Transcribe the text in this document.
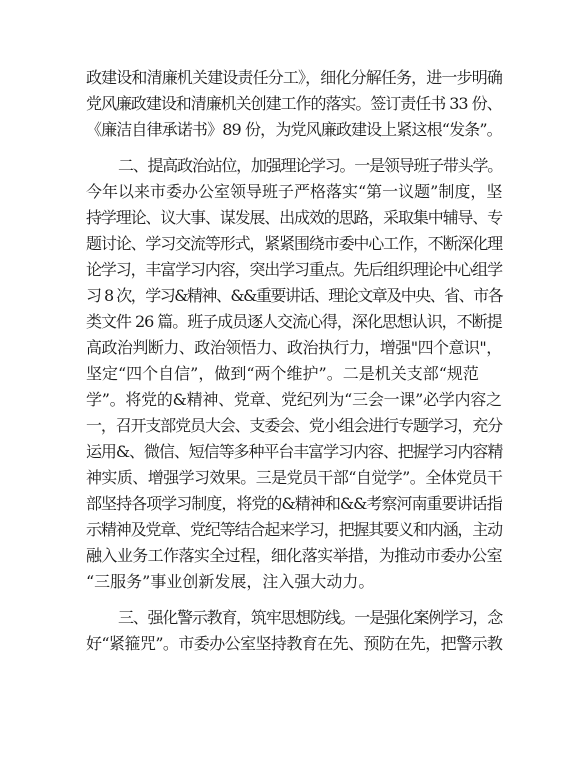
政建设和清廉机关建设责任分工》，细化分解任务，进一步明确
党风廉政建设和清廉机关创建工作的落实。签订责任书 33 份、
《廉洁自律承诺书》89 份，为党风廉政建设上紧这根“发条”。
二、提高政治站位，加强理论学习。一是领导班子带头学。
今年以来市委办公室领导班子严格落实“第一议题”制度，坚
持学理论、议大事、谋发展、出成效的思路，采取集中辅导、专
题讨论、学习交流等形式，紧紧围绕市委中心工作，不断深化理
论学习，丰富学习内容，突出学习重点。先后组织理论中心组学
习 8 次，学习&精神、&&重要讲话、理论文章及中央、省、市各
类文件 26 篇。班子成员逐人交流心得，深化思想认识，不断提
高政治判断力、政治领悟力、政治执行力，增强"四个意识"，
坚定“四个自信”，做到“两个维护”。二是机关支部“规范
学”。将党的&精神、党章、党纪列为“三会一课”必学内容之
一，召开支部党员大会、支委会、党小组会进行专题学习，充分
运用&、微信、短信等多种平台丰富学习内容、把握学习内容精
神实质、增强学习效果。三是党员干部“自觉学”。全体党员干
部坚持各项学习制度，将党的&精神和&&考察河南重要讲话指
示精神及党章、党纪等结合起来学习，把握其要义和内涵，主动
融入业务工作落实全过程，细化落实举措，为推动市委办公室
“三服务”事业创新发展，注入强大动力。
三、强化警示教育，筑牢思想防线。一是强化案例学习，念
好“紧箍咒”。市委办公室坚持教育在先、预防在先，把警示教
